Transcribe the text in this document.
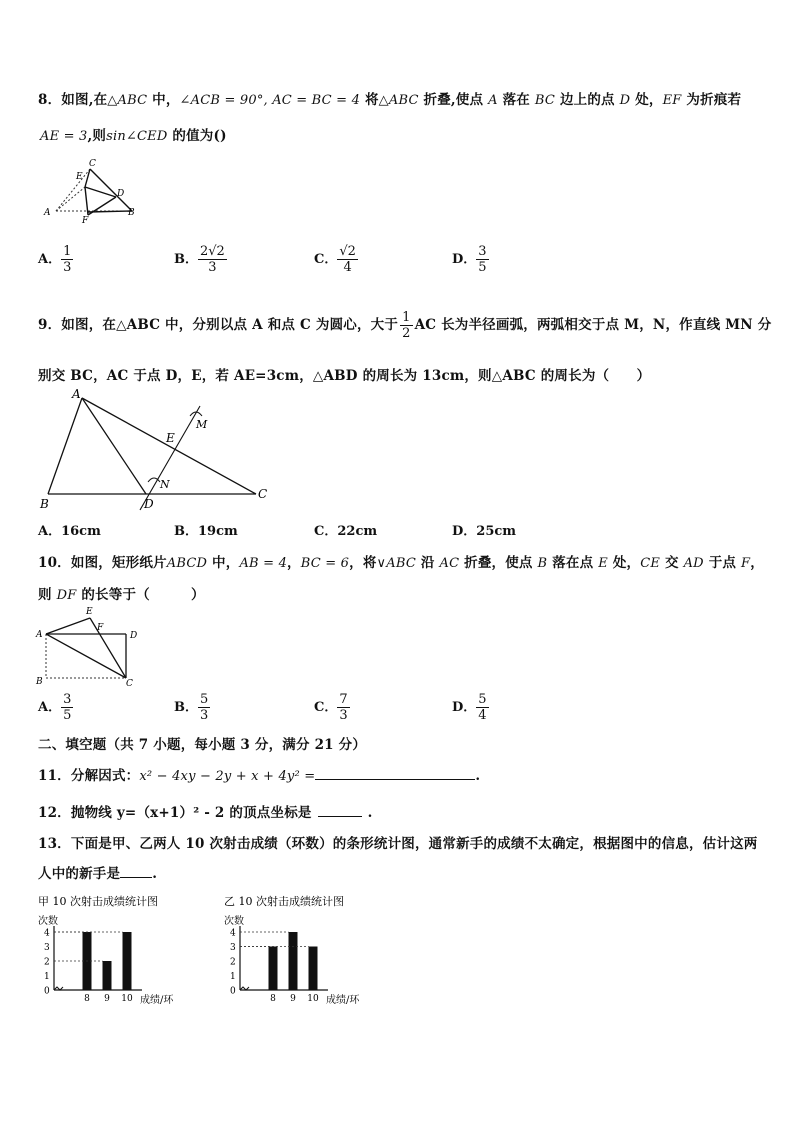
8．如图,在△ABC 中，∠ACB = 90°, AC = BC = 4 将△ABC 折叠,使点 A 落在 BC 边上的点 D 处，EF 为折痕若
AE = 3,则sin∠CED 的值为()
C
E
D
A
F
B
A． $\frac{1}{3}$	B． $\frac{2√2}{3}$	C． $\frac{√2}{4}$	D． $\frac{3}{5}$
9．如图，在△ABC 中，分别以点 A 和点 C 为圆心，大于 $\frac{1}{2}$ AC 长为半径画弧，两弧相交于点 M，N，作直线 MN 分
别交 BC，AC 于点 D，E，若 AE=3cm，△ABD 的周长为 13cm，则△ABC 的周长为（　　）
A
M
E
N
B	D
C
A．16cm	B．19cm	C．22cm	D．25cm
10．如图，矩形纸片ABCD 中，AB = 4，BC = 6，将∨ABC 沿 AC 折叠，使点 B 落在点 E 处，CE 交 AD 于点 F，
则 DF 的长等于（　　　）
E
F
A	D
B	C
A． $\frac{3}{5}$	B． $\frac{5}{3}$	C． $\frac{7}{3}$	D． $\frac{5}{4}$
二、填空题（共 7 小题，每小题 3 分，满分 21 分）
11．分解因式：x² − 4xy − 2y + x + 4y² =	.
12．抛物线 y=（x+1）² - 2 的顶点坐标是	.
13．下面是甲、乙两人 10 次射击成绩（环数）的条形统计图，通常新手的成绩不太确定，根据图中的信息，估计这两
人中的新手是 .
甲 10 次射击成绩统计图
次数
成绩/环
0
1
2
3
4
8 9 10
乙 10 次射击成绩统计图
次数
成绩/环
0
1
2
3
4
8 9 10
